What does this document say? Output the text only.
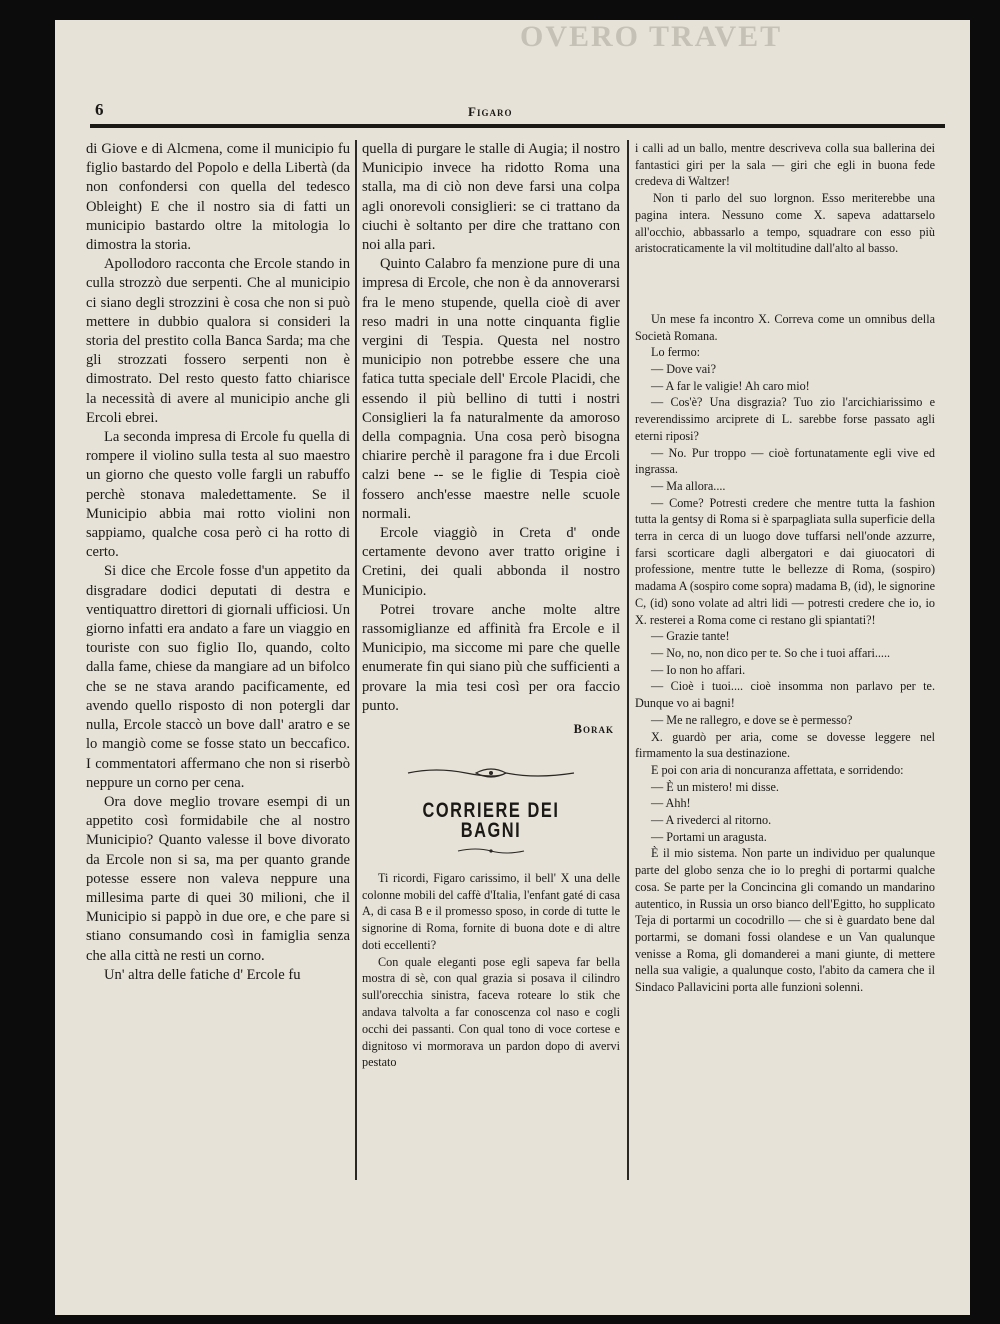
OVERO TRAVET
6	Figaro

di Giove e di Alcmena, come il municipio fu figlio bastardo del Popolo e della Libertà (da non confondersi con quella del tedesco Obleight) E che il nostro sia di fatti un municipio bastardo oltre la mitologia lo dimostra la storia.

Apollodoro racconta che Ercole stando in culla strozzò due serpenti. Che al municipio ci siano degli strozzini è cosa che non si può mettere in dubbio qualora si consideri la storia del prestito colla Banca Sarda; ma che gli strozzati fossero serpenti non è dimostrato. Del resto questo fatto chiarisce la necessità di avere al municipio anche gli Ercoli ebrei.

La seconda impresa di Ercole fu quella di rompere il violino sulla testa al suo maestro un giorno che questo volle fargli un rabuffo perchè stonava maledettamente. Se il Municipio abbia mai rotto violini non sappiamo, qualche cosa però ci ha rotto di certo.

Si dice che Ercole fosse d'un appetito da disgradare dodici deputati di destra e ventiquattro direttori di giornali ufficiosi. Un giorno infatti era andato a fare un viaggio en touriste con suo figlio Ilo, quando, colto dalla fame, chiese da mangiare ad un bifolco che se ne stava arando pacificamente, ed avendo quello risposto di non potergli dar nulla, Ercole staccò un bove dall' aratro e se lo mangiò come se fosse stato un beccafico. I commentatori affermano che non si riserbò neppure un corno per cena.

Ora dove meglio trovare esempi di un appetito così formidabile che al nostro Municipio? Quanto valesse il bove divorato da Ercole non si sa, ma per quanto grande potesse essere non valeva neppure una millesima parte di quei 30 milioni, che il Municipio si pappò in due ore, e che pare si stiano consumando così in famiglia senza che alla città ne resti un corno.

Un' altra delle fatiche d' Ercole fu

quella di purgare le stalle di Augia; il nostro Municipio invece ha ridotto Roma una stalla, ma di ciò non deve farsi una colpa agli onorevoli consiglieri: se ci trattano da ciuchi è soltanto per dire che trattano con noi alla pari.

Quinto Calabro fa menzione pure di una impresa di Ercole, che non è da annoverarsi fra le meno stupende, quella cioè di aver reso madri in una notte cinquanta figlie vergini di Tespia. Questa nel nostro municipio non potrebbe essere che una fatica tutta speciale dell' Ercole Placidi, che essendo il più bellino di tutti i nostri Consiglieri la fa naturalmente da amoroso della compagnia. Una cosa però bisogna chiarire perchè il paragone fra i due Ercoli calzi bene -- se le figlie di Tespia cioè fossero anch'esse maestre nelle scuole normali.

Ercole viaggiò in Creta d' onde certamente devono aver tratto origine i Cretini, dei quali abbonda il nostro Municipio.

Potrei trovare anche molte altre rassomiglianze ed affinità fra Ercole e il Municipio, ma siccome mi pare che quelle enumerate fin qui siano più che sufficienti a provare la mia tesi così per ora faccio punto.

Borak
CORRIERE DEI BAGNI

Ti ricordi, Figaro carissimo, il bell' X una delle colonne mobili del caffè d'Italia, l'enfant gaté di casa A, di casa B e il promesso sposo, in corde di tutte le signorine di Roma, fornite di buona dote e di altre doti eccellenti?

Con quale eleganti pose egli sapeva far bella mostra di sè, con qual grazia si posava il cilindro sull'orecchia sinistra, faceva roteare lo stik che andava talvolta a far conoscenza col naso e cogli occhi dei passanti. Con qual tono di voce cortese e dignitoso vi mormorava un pardon dopo di avervi pestato

i calli ad un ballo, mentre descriveva colla sua ballerina dei fantastici giri per la sala — giri che egli in buona fede credeva di Waltzer!

Non ti parlo del suo lorgnon. Esso meriterebbe una pagina intera. Nessuno come X. sapeva adattarselo all'occhio, abbassarlo a tempo, squadrare con esso più aristocraticamente la vil moltitudine dall'alto al basso.

Un mese fa incontro X. Correva come un omnibus della Società Romana.

Lo fermo:

— Dove vai?

— A far le valigie! Ah caro mio!

— Cos'è? Una disgrazia? Tuo zio l'arcichiarissimo e reverendissimo arciprete di L. sarebbe forse passato agli eterni riposi?

— No. Pur troppo — cioè fortunatamente egli vive ed ingrassa.

— Ma allora....

— Come? Potresti credere che mentre tutta la fashion tutta la gentsy di Roma si è sparpagliata sulla superficie della terra in cerca di un luogo dove tuffarsi nell'onde azzurre, farsi scorticare dagli albergatori e dai giuocatori di professione, mentre tutte le bellezze di Roma, (sospiro) madama A (sospiro come sopra) madama B, (id), le signorine C, (id) sono volate ad altri lidi — potresti credere che io, io X. resterei a Roma come ci restano gli spiantati?!

— Grazie tante!

— No, no, non dico per te. So che i tuoi affari.....

— Io non ho affari.

— Cioè i tuoi.... cioè insomma non parlavo per te. Dunque vo ai bagni!

— Me ne rallegro, e dove se è permesso?

X. guardò per aria, come se dovesse leggere nel firmamento la sua destinazione.

E poi con aria di noncuranza affettata, e sorridendo:

— È un mistero! mi disse.

— Ahh!

— A rivederci al ritorno.

— Portami un aragusta.

È il mio sistema. Non parte un individuo per qualunque parte del globo senza che io lo preghi di portarmi qualche cosa. Se parte per la Concincina gli comando un mandarino autentico, in Russia un orso bianco dell'Egitto, ho supplicato Teja di portarmi un cocodrillo — che si è guardato bene dal portarmi, se domani fossi olandese e un Van qualunque venisse a Roma, gli domanderei a mani giunte, di mettere nella sua valigie, a qualunque costo, l'abito da camera che il Sindaco Pallavicini porta alle funzioni solenni.
